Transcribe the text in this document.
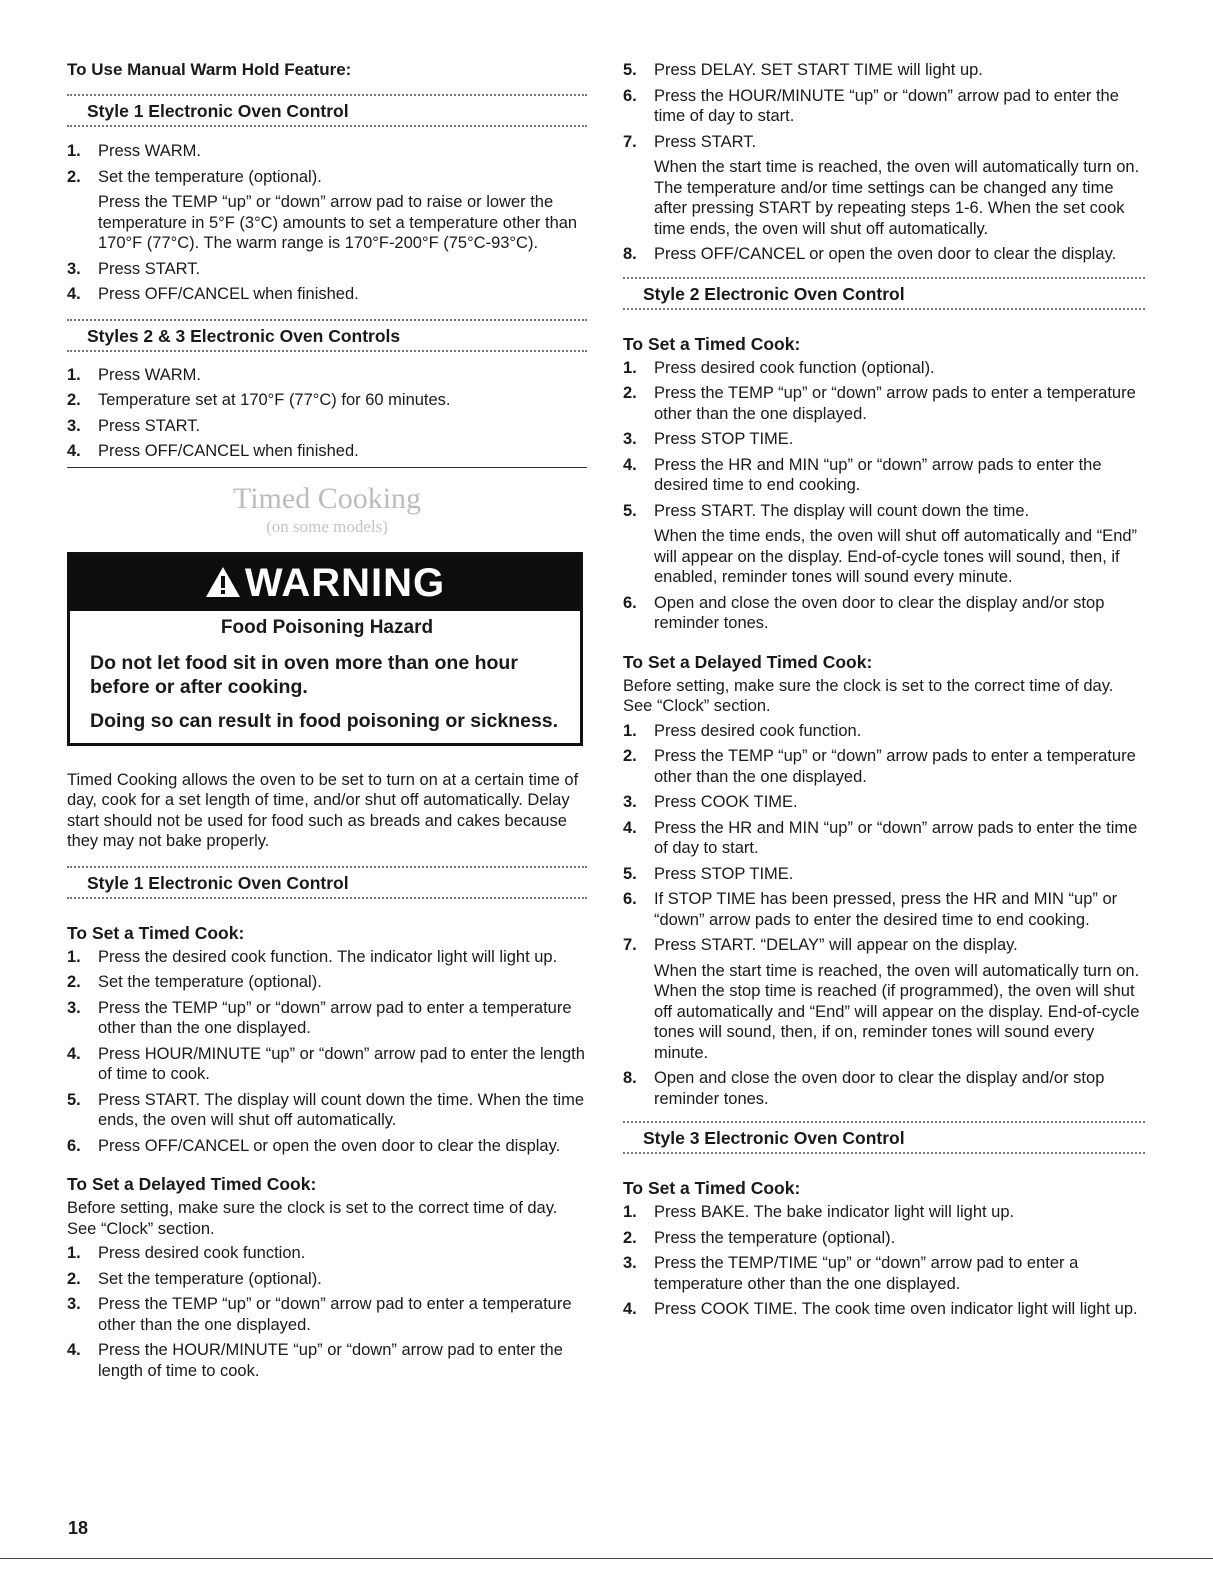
To Use Manual Warm Hold Feature:
Style 1 Electronic Oven Control
1. Press WARM.
2. Set the temperature (optional).
Press the TEMP “up” or “down” arrow pad to raise or lower the temperature in 5°F (3°C) amounts to set a temperature other than 170°F (77°C). The warm range is 170°F-200°F (75°C-93°C).
3. Press START.
4. Press OFF/CANCEL when finished.
Styles 2 & 3 Electronic Oven Controls
1. Press WARM.
2. Temperature set at 170°F (77°C) for 60 minutes.
3. Press START.
4. Press OFF/CANCEL when finished.
Timed Cooking
(on some models)
WARNING
Food Poisoning Hazard
Do not let food sit in oven more than one hour before or after cooking.
Doing so can result in food poisoning or sickness.

Timed Cooking allows the oven to be set to turn on at a certain time of day, cook for a set length of time, and/or shut off automatically. Delay start should not be used for food such as breads and cakes because they may not bake properly.

Style 1 Electronic Oven Control
To Set a Timed Cook:
1. Press the desired cook function. The indicator light will light up.
2. Set the temperature (optional).
3. Press the TEMP “up” or “down” arrow pad to enter a temperature other than the one displayed.
4. Press HOUR/MINUTE “up” or “down” arrow pad to enter the length of time to cook.
5. Press START. The display will count down the time. When the time ends, the oven will shut off automatically.
6. Press OFF/CANCEL or open the oven door to clear the display.
To Set a Delayed Timed Cook:

Before setting, make sure the clock is set to the correct time of day. See “Clock” section.

1. Press desired cook function.
2. Set the temperature (optional).
3. Press the TEMP “up” or “down” arrow pad to enter a temperature other than the one displayed.
4. Press the HOUR/MINUTE “up” or “down” arrow pad to enter the length of time to cook.
5. Press DELAY. SET START TIME will light up.
6. Press the HOUR/MINUTE “up” or “down” arrow pad to enter the time of day to start.
7. Press START.
When the start time is reached, the oven will automatically turn on. The temperature and/or time settings can be changed any time after pressing START by repeating steps 1-6. When the set cook time ends, the oven will shut off automatically.
8. Press OFF/CANCEL or open the oven door to clear the display.
Style 2 Electronic Oven Control
To Set a Timed Cook:
1. Press desired cook function (optional).
2. Press the TEMP “up” or “down” arrow pads to enter a temperature other than the one displayed.
3. Press STOP TIME.
4. Press the HR and MIN “up” or “down” arrow pads to enter the desired time to end cooking.
5. Press START. The display will count down the time.
When the time ends, the oven will shut off automatically and “End” will appear on the display. End-of-cycle tones will sound, then, if enabled, reminder tones will sound every minute.
6. Open and close the oven door to clear the display and/or stop reminder tones.
To Set a Delayed Timed Cook:

Before setting, make sure the clock is set to the correct time of day. See “Clock” section.

1. Press desired cook function.
2. Press the TEMP “up” or “down” arrow pads to enter a temperature other than the one displayed.
3. Press COOK TIME.
4. Press the HR and MIN “up” or “down” arrow pads to enter the time of day to start.
5. Press STOP TIME.
6. If STOP TIME has been pressed, press the HR and MIN “up” or “down” arrow pads to enter the desired time to end cooking.
7. Press START. “DELAY” will appear on the display.
When the start time is reached, the oven will automatically turn on. When the stop time is reached (if programmed), the oven will shut off automatically and “End” will appear on the display. End-of-cycle tones will sound, then, if on, reminder tones will sound every minute.
8. Open and close the oven door to clear the display and/or stop reminder tones.
Style 3 Electronic Oven Control
To Set a Timed Cook:
1. Press BAKE. The bake indicator light will light up.
2. Press the temperature (optional).
3. Press the TEMP/TIME “up” or “down” arrow pad to enter a temperature other than the one displayed.
4. Press COOK TIME. The cook time oven indicator light will light up.
18
